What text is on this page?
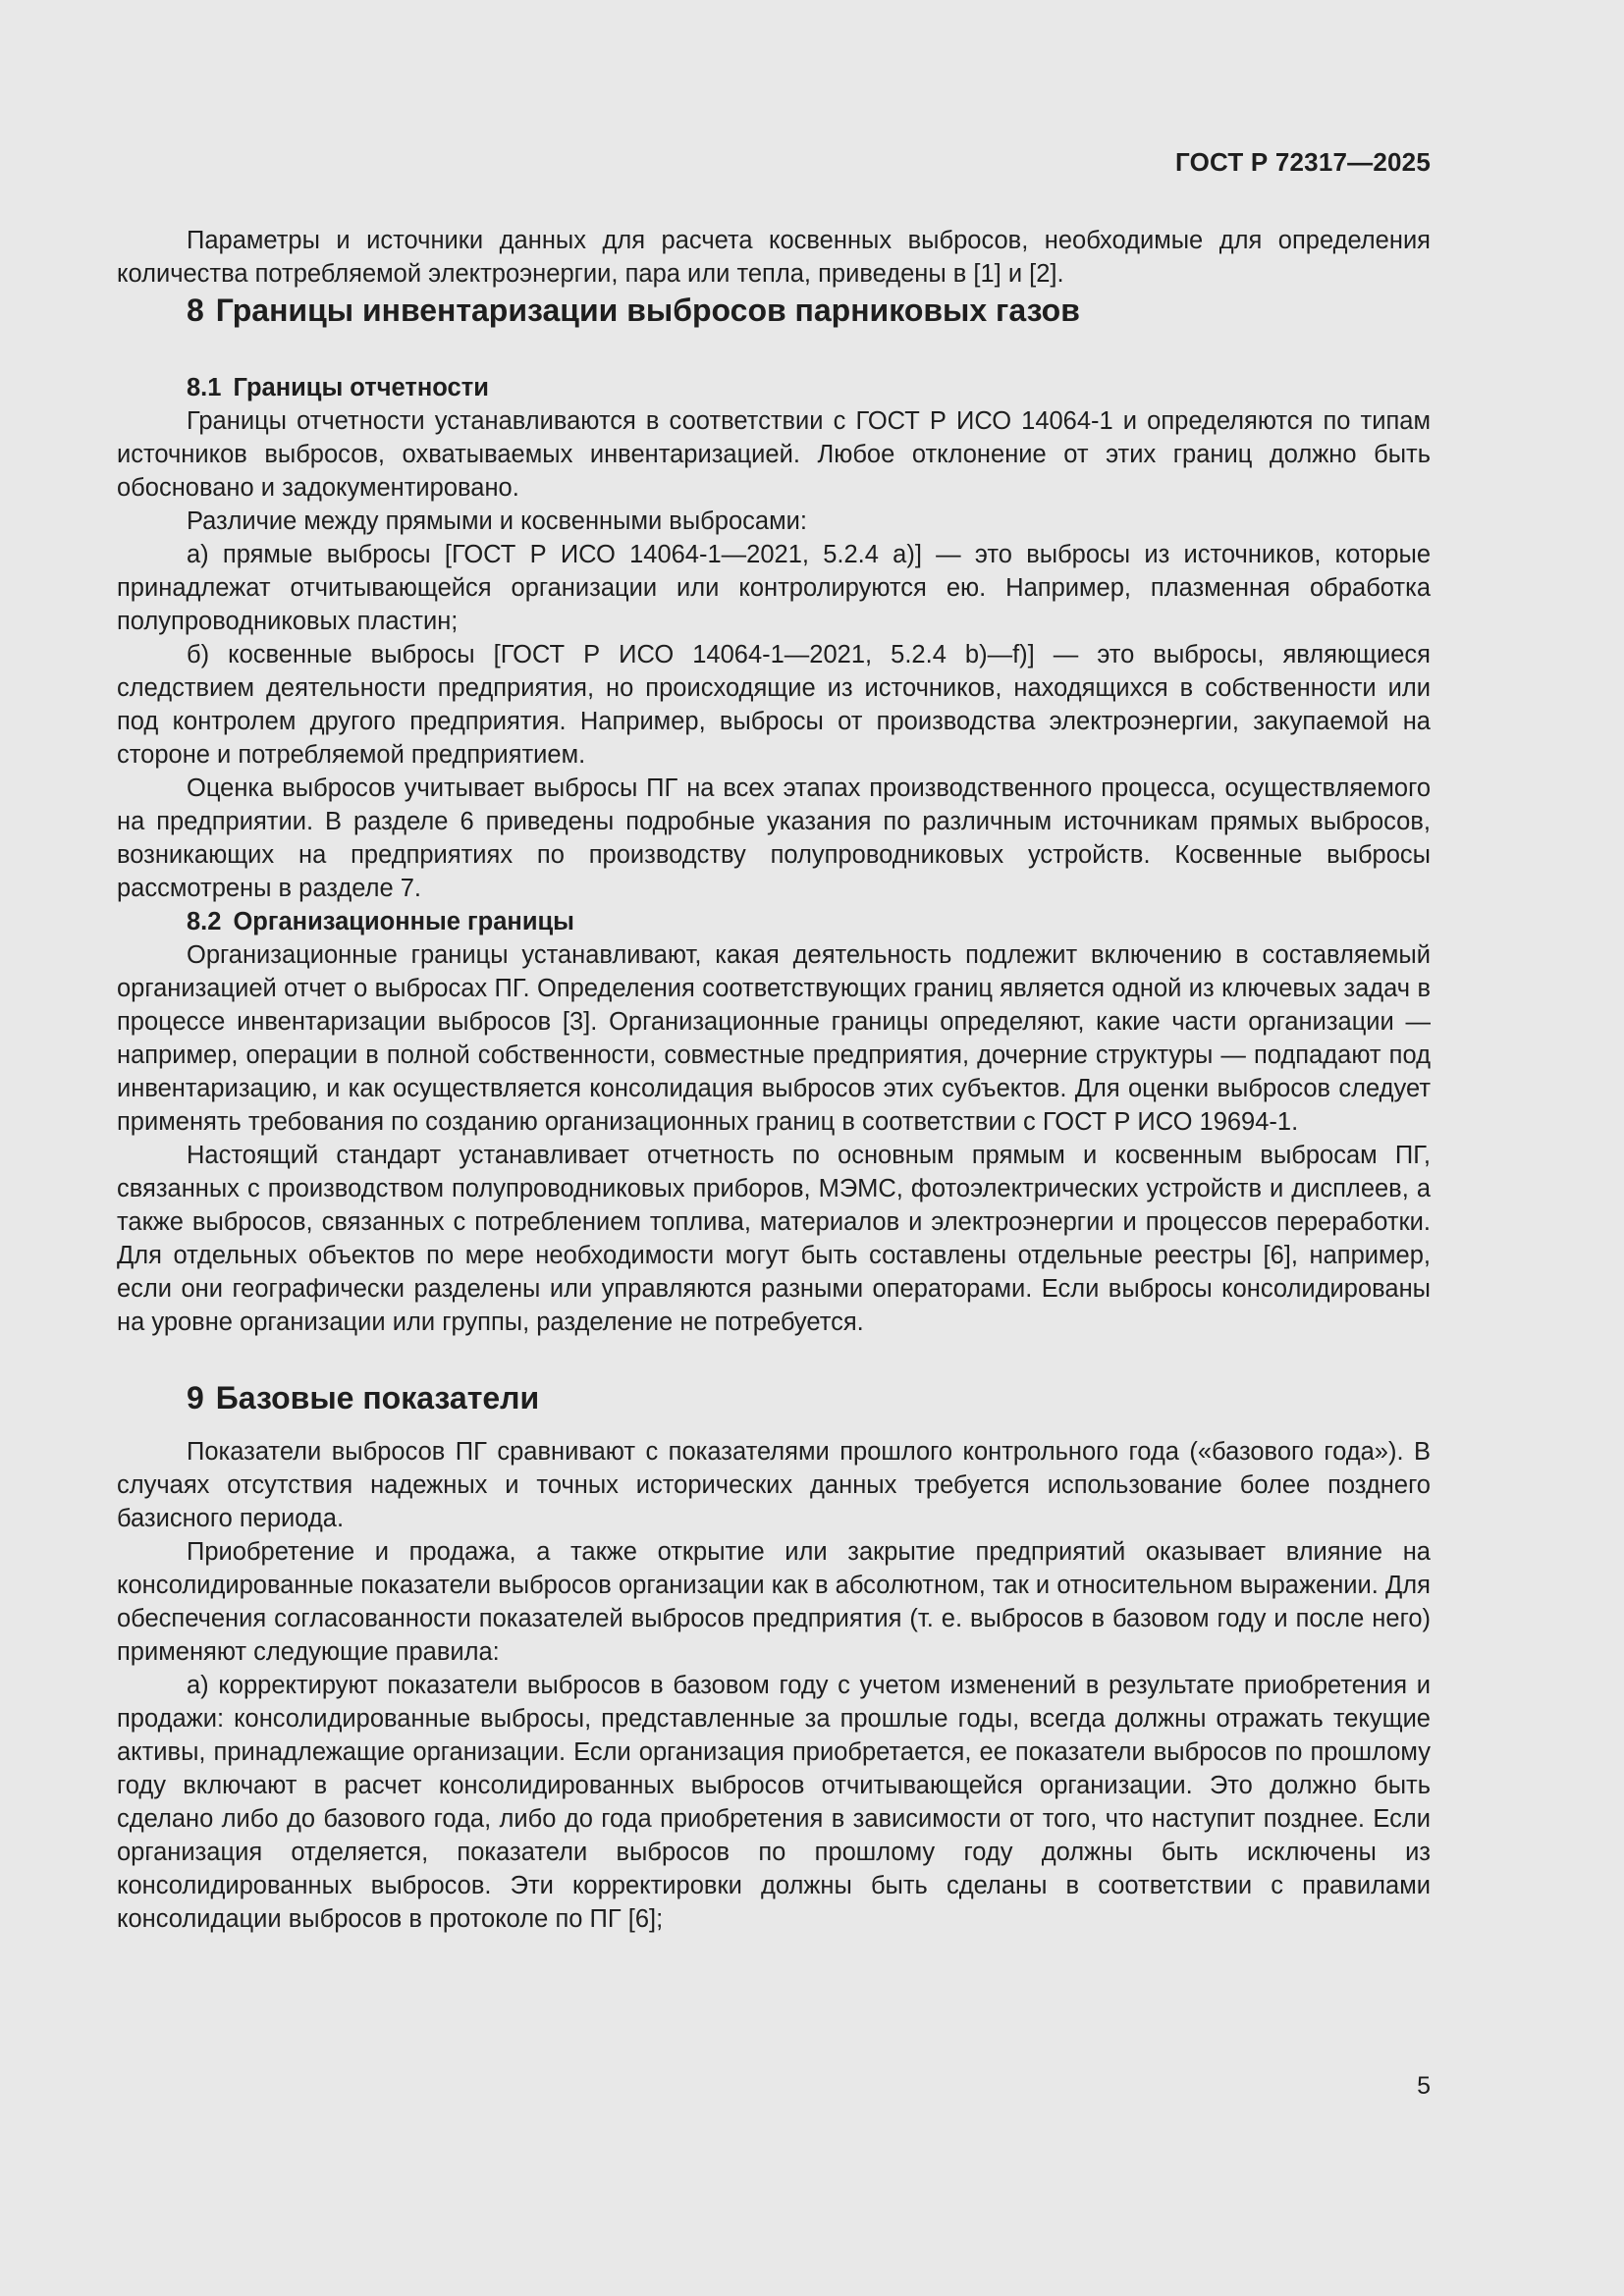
ГОСТ Р 72317—2025

Параметры и источники данных для расчета косвенных выбросов, необходимые для определения количества потребляемой электроэнергии, пара или тепла, приведены в [1] и [2].

8 Границы инвентаризации выбросов парниковых газов
8.1 Границы отчетности

Границы отчетности устанавливаются в соответствии с ГОСТ Р ИСО 14064-1 и определяются по типам источников выбросов, охватываемых инвентаризацией. Любое отклонение от этих границ должно быть обосновано и задокументировано.

Различие между прямыми и косвенными выбросами:

а) прямые выбросы [ГОСТ Р ИСО 14064-1—2021, 5.2.4 а)] — это выбросы из источников, которые принадлежат отчитывающейся организации или контролируются ею. Например, плазменная обработка полупроводниковых пластин;

б) косвенные выбросы [ГОСТ Р ИСО 14064-1—2021, 5.2.4 b)—f)] — это выбросы, являющиеся следствием деятельности предприятия, но происходящие из источников, находящихся в собственности или под контролем другого предприятия. Например, выбросы от производства электроэнергии, закупаемой на стороне и потребляемой предприятием.

Оценка выбросов учитывает выбросы ПГ на всех этапах производственного процесса, осуществляемого на предприятии. В разделе 6 приведены подробные указания по различным источникам прямых выбросов, возникающих на предприятиях по производству полупроводниковых устройств. Косвенные выбросы рассмотрены в разделе 7.

8.2 Организационные границы

Организационные границы устанавливают, какая деятельность подлежит включению в составляемый организацией отчет о выбросах ПГ. Определения соответствующих границ является одной из ключевых задач в процессе инвентаризации выбросов [3]. Организационные границы определяют, какие части организации — например, операции в полной собственности, совместные предприятия, дочерние структуры — подпадают под инвентаризацию, и как осуществляется консолидация выбросов этих субъектов. Для оценки выбросов следует применять требования по созданию организационных границ в соответствии с ГОСТ Р ИСО 19694-1.

Настоящий стандарт устанавливает отчетность по основным прямым и косвенным выбросам ПГ, связанных с производством полупроводниковых приборов, МЭМС, фотоэлектрических устройств и дисплеев, а также выбросов, связанных с потреблением топлива, материалов и электроэнергии и процессов переработки. Для отдельных объектов по мере необходимости могут быть составлены отдельные реестры [6], например, если они географически разделены или управляются разными операторами. Если выбросы консолидированы на уровне организации или группы, разделение не потребуется.

9 Базовые показатели

Показатели выбросов ПГ сравнивают с показателями прошлого контрольного года («базового года»). В случаях отсутствия надежных и точных исторических данных требуется использование более позднего базисного периода.

Приобретение и продажа, а также открытие или закрытие предприятий оказывает влияние на консолидированные показатели выбросов организации как в абсолютном, так и относительном выражении. Для обеспечения согласованности показателей выбросов предприятия (т. е. выбросов в базовом году и после него) применяют следующие правила:

а) корректируют показатели выбросов в базовом году с учетом изменений в результате приобретения и продажи: консолидированные выбросы, представленные за прошлые годы, всегда должны отражать текущие активы, принадлежащие организации. Если организация приобретается, ее показатели выбросов по прошлому году включают в расчет консолидированных выбросов отчитывающейся организации. Это должно быть сделано либо до базового года, либо до года приобретения в зависимости от того, что наступит позднее. Если организация отделяется, показатели выбросов по прошлому году должны быть исключены из консолидированных выбросов. Эти корректировки должны быть сделаны в соответствии с правилами консолидации выбросов в протоколе по ПГ [6];

5
